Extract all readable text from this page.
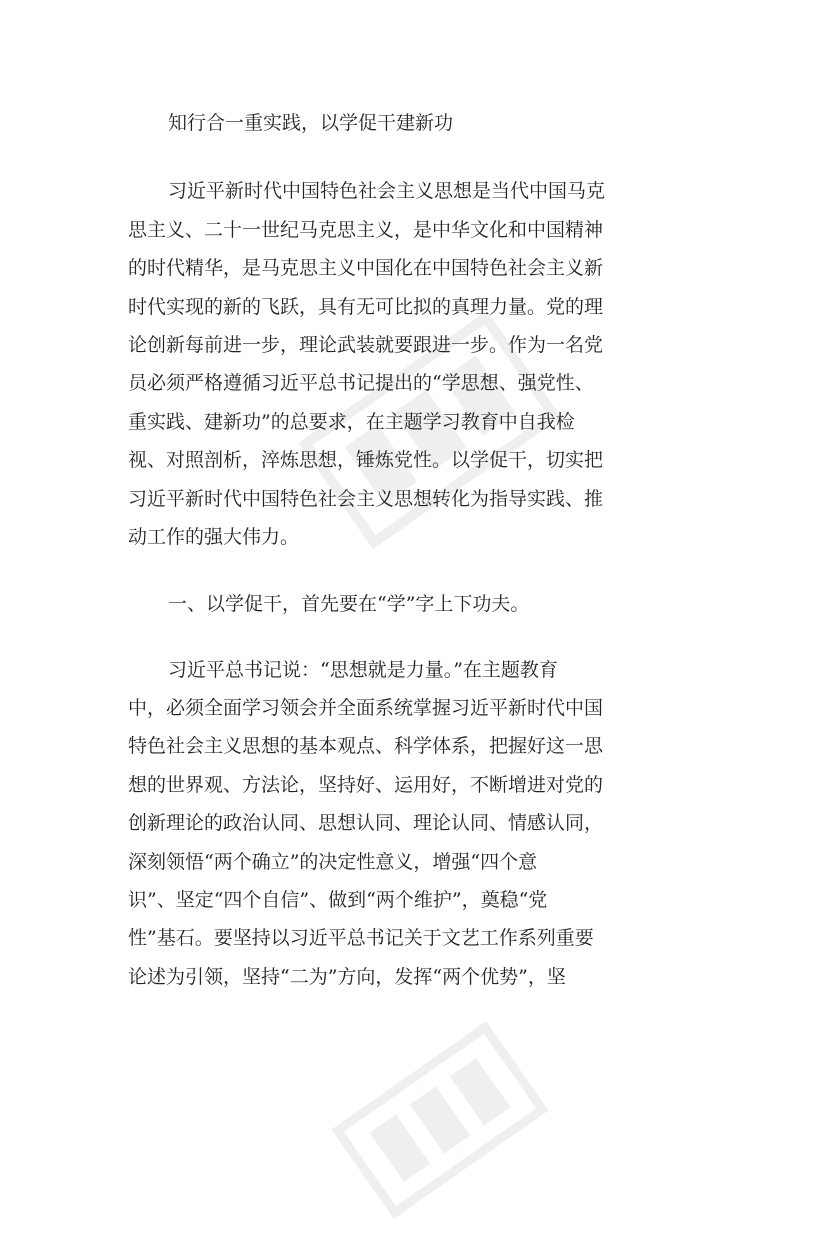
知行合一重实践，以学促干建新功

习近平新时代中国特色社会主义思想是当代中国马克
思主义、二十一世纪马克思主义，是中华文化和中国精神
的时代精华，是马克思主义中国化在中国特色社会主义新
时代实现的新的飞跃，具有无可比拟的真理力量。党的理
论创新每前进一步，理论武装就要跟进一步。作为一名党
员必须严格遵循习近平总书记提出的“学思想、强党性、
重实践、建新功”的总要求，在主题学习教育中自我检
视、对照剖析，淬炼思想，锤炼党性。以学促干，切实把
习近平新时代中国特色社会主义思想转化为指导实践、推
动工作的强大伟力。

一、以学促干，首先要在“学”字上下功夫。

习近平总书记说：“思想就是力量。”在主题教育
中，必须全面学习领会并全面系统掌握习近平新时代中国
特色社会主义思想的基本观点、科学体系，把握好这一思
想的世界观、方法论，坚持好、运用好，不断增进对党的
创新理论的政治认同、思想认同、理论认同、情感认同，
深刻领悟“两个确立”的决定性意义，增强“四个意
识”、坚定“四个自信”、做到“两个维护”，奠稳“党
性”基石。要坚持以习近平总书记关于文艺工作系列重要
论述为引领，坚持“二为”方向，发挥“两个优势”，坚
